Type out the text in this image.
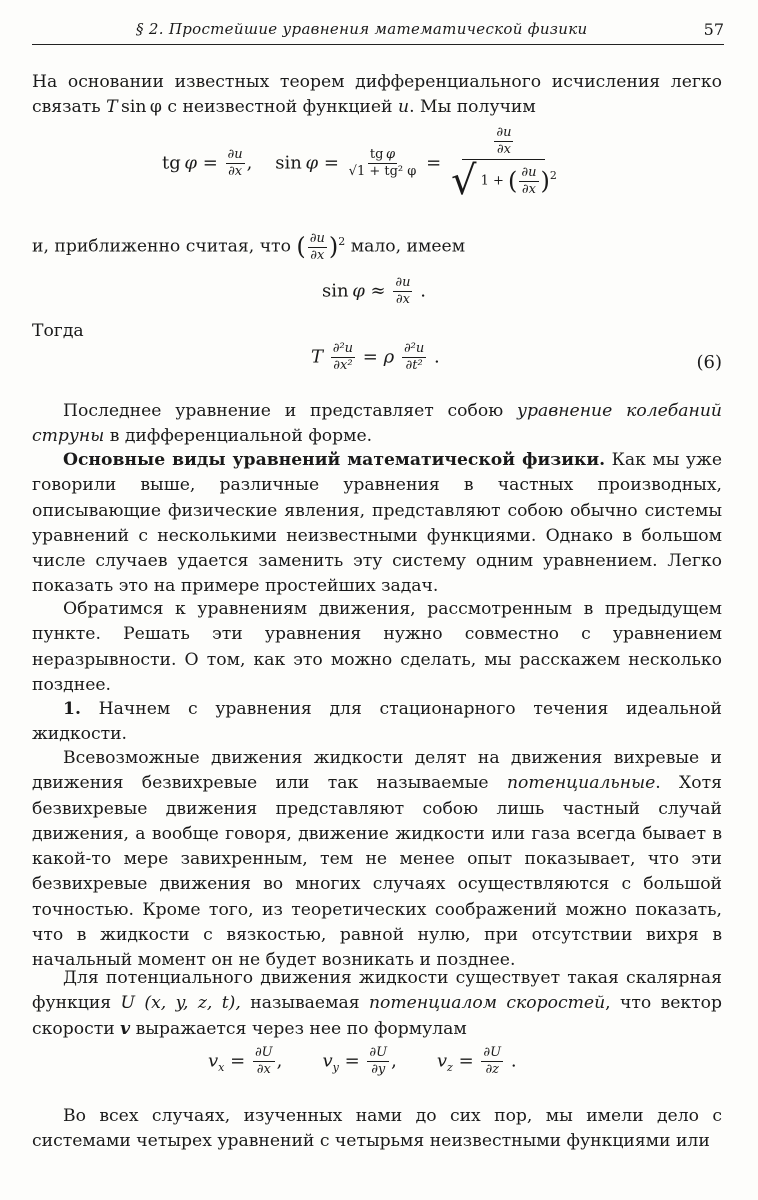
§ 2. Простейшие уравнения математической физики	57

На основании известных теорем дифференциального исчисления легко связать T  sin  φ с неизвестной функцией u. Мы получим

tg  $\varphi = \frac{\partial u}{\partial x}$ , $\sin \varphi = \frac{\text{tg  φ}}{\text{√1 + tg² φ}} = \frac{\frac{\partial u}{\partial x}}{√ 1 + ( \frac{\partial u}{\partial x} )^2}$

и, приближенно считая, что ( $\frac{\partial u}{\partial x} )^2$ мало, имеем

$\sin \varphi \approx \frac{\partial u}{\partial x}$ .

Тогда

T $\frac{\text{∂²u}}{\text{∂x²}} = \rho \frac{\text{∂²u}}{\text{∂t²}}$ .	(6)

Последнее уравнение и представляет собою уравнение колебаний струны в дифференциальной форме.

Основные виды уравнений математической физики. Как мы уже говорили выше, различные уравнения в частных производных, описывающие физические явления, представляют собою обычно системы уравнений с несколькими неизвестными функциями. Однако в большом числе случаев удается заменить эту систему одним уравнением. Легко показать это на примере простейших задач.

Обратимся к уравнениям движения, рассмотренным в предыдущем пункте. Решать эти уравнения нужно совместно с уравнением неразрывности. О том, как это можно сделать, мы расскажем несколько позднее.

1. Начнем с уравнения для стационарного течения идеальной жидкости.

Всевозможные движения жидкости делят на движения вихревые и движения безвихревые или так называемые потенциальные. Хотя безвихревые движения представляют собою лишь частный случай движения, а вообще говоря, движение жидкости или газа всегда бывает в какой-то мере завихренным, тем не менее опыт показывает, что эти безвихревые движения во многих случаях осуществляются с большой точностью. Кроме того, из теоретических соображений можно показать, что в жидкости с вязкостью, равной нулю, при отсутствии вихря в начальный момент он не будет возникать и позднее.

Для потенциального движения жидкости существует такая скалярная функция U (x, y, z, t), называемая потенциалом скоростей, что вектор скорости v выражается через нее по формулам

$v_x = \frac{\partial U}{\partial x}$ , $v_y = \frac{\partial U}{\partial y}$ , $v_z = \frac{\partial U}{\partial z}$ .

Во всех случаях, изученных нами до сих пор, мы имели дело с системами четырех уравнений с четырьмя неизвестными функциями или
